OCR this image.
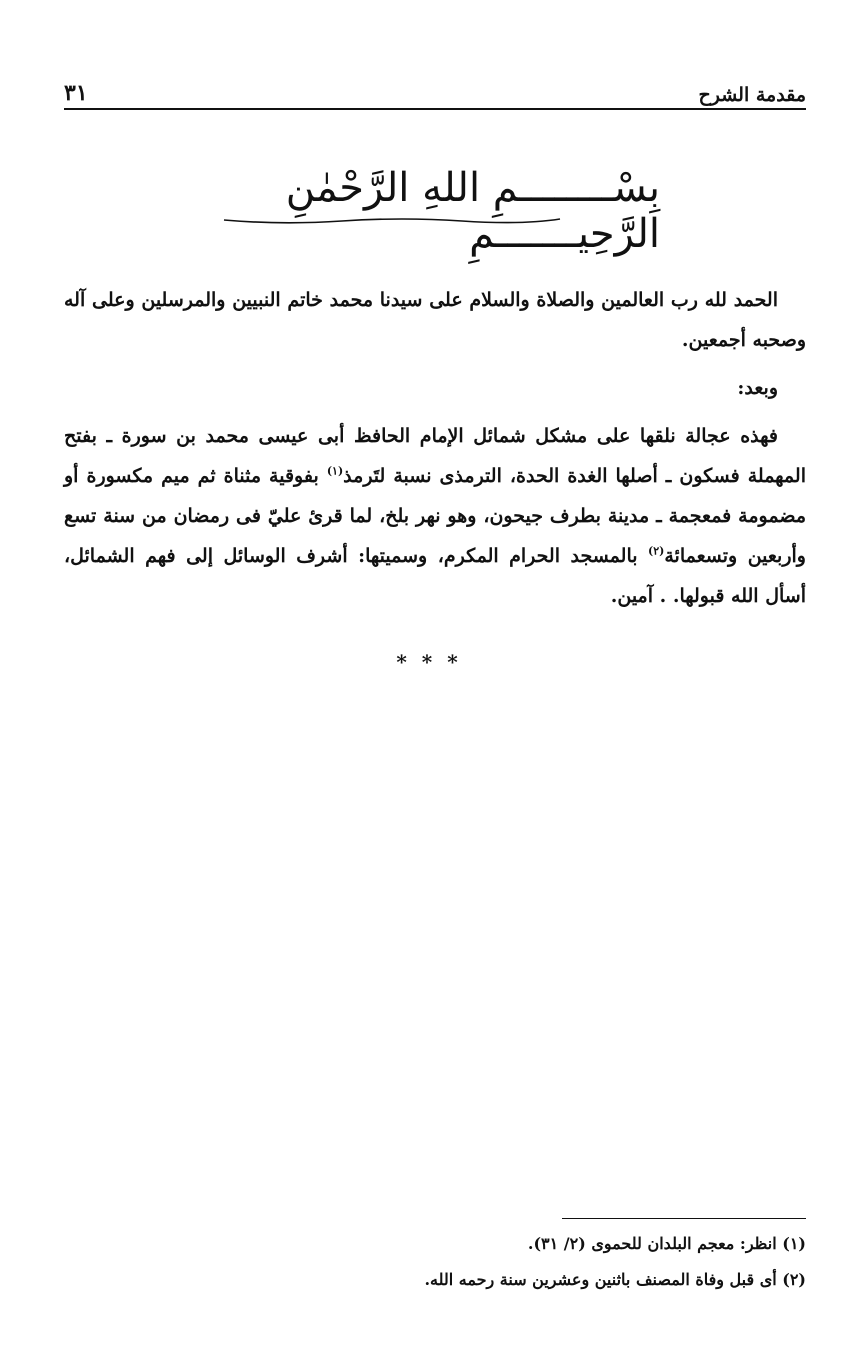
مقدمة الشرح
٣١
بِسْــــــــمِ اللهِ الرَّحْمٰنِ الرَّحِيـــــــمِ

الحمد لله رب العالمين والصلاة والسلام على سيدنا محمد خاتم النبيين والمرسلين وعلى آله وصحبه أجمعين.

وبعد:

فهذه عجالة نلقها على مشكل شمائل الإمام الحافظ أبى عيسى محمد بن سورة ـ بفتح المهملة فسكون ـ أصلها الغدة الحدة، الترمذى نسبة لتَرمذ$^{(١)}$ بفوقية مثناة ثم ميم مكسورة أو مضمومة فمعجمة ـ مدينة بطرف جيحون، وهو نهر بلخ، لما قرئ عليّ فى رمضان من سنة تسع وأربعين وتسعمائة$^{(٢)}$ بالمسجد الحرام المكرم، وسميتها: أشرف الوسائل إلى فهم الشمائل، أسأل الله قبولها. . آمين.

* * *

(١) انظر: معجم البلدان للحموى (٢/ ٣١).

(٢) أى قبل وفاة المصنف باثنين وعشرين سنة رحمه الله.
